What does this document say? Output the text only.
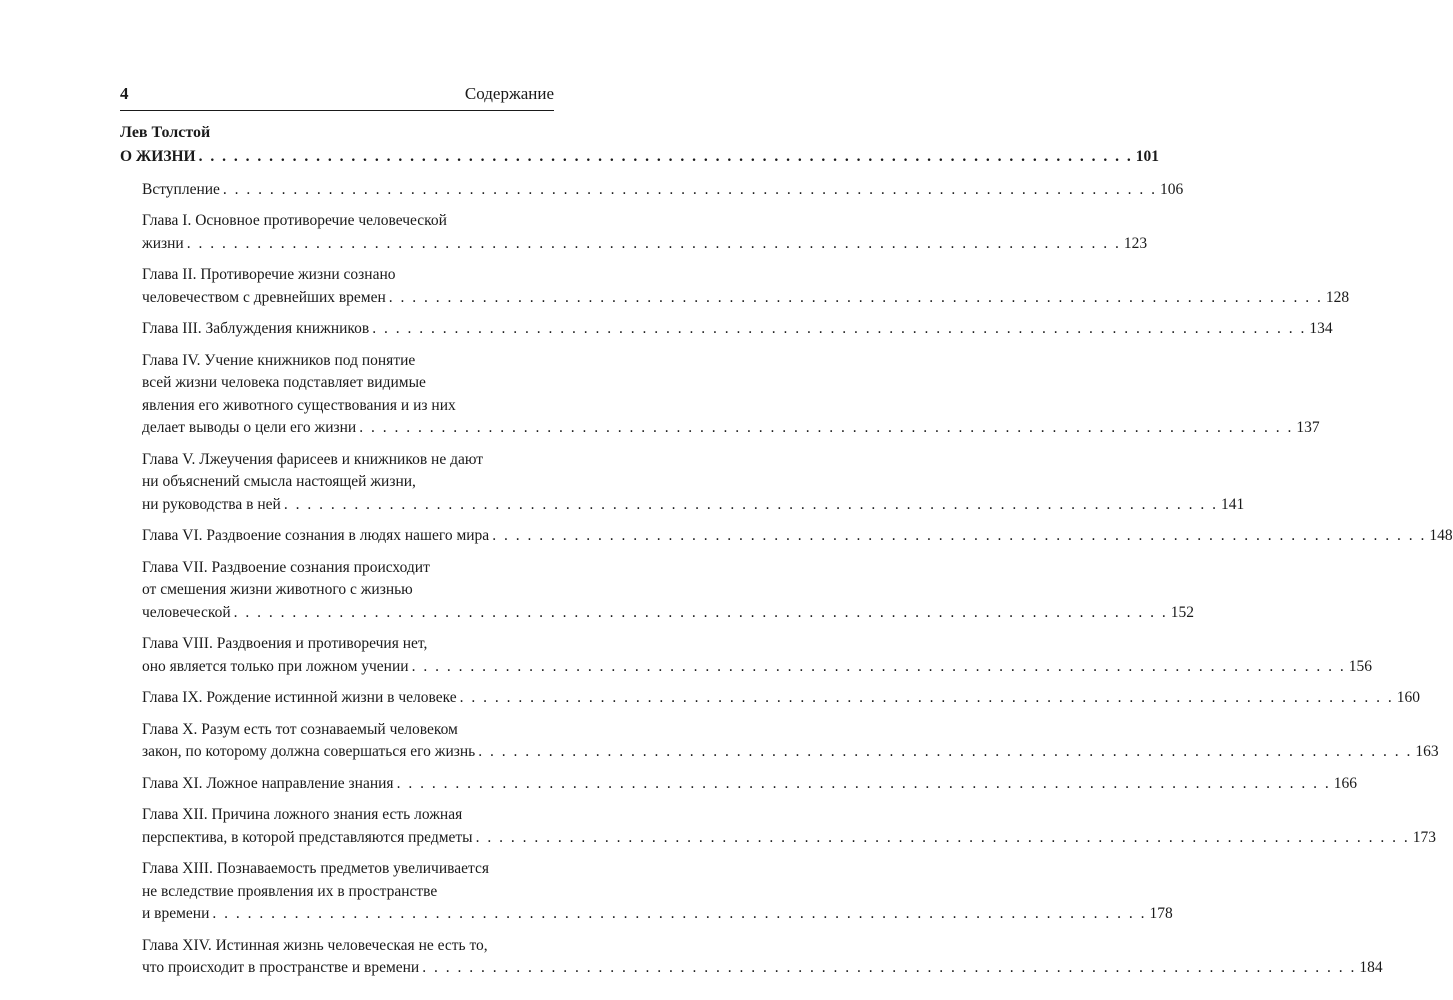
4	Содержание
Лев Толстой
О ЖИЗНИ . . . . . . . . . . . . . . . . . . . . . . . . . . . . . . . . . . . . . . . . . . . . . . . . . . . . . . . . . . . . . . . . . . . . . . . . . . . . . . . . 101
Вступление . . . . . . . . . . . . . . . . . . . . . . . . . . . . . . . . . . . . . . . . . . . . . . . . . . . . . . . . . . . . . . . . . . . . . . . . . . . . . . . . 106
Глава I. Основное противоречие человеческой
жизни . . . . . . . . . . . . . . . . . . . . . . . . . . . . . . . . . . . . . . . . . . . . . . . . . . . . . . . . . . . . . . . . . . . . . . . . . . . . . . . . 123
Глава II. Противоречие жизни сознано
человечеством с древнейших времен . . . . . . . . . . . . . . . . . . . . . . . . . . . . . . . . . . . . . . . . . . . . . . . . . . . . . . . . . . . . . . . . . . . . . . . . . . . . . . . . 128
Глава III. Заблуждения книжников . . . . . . . . . . . . . . . . . . . . . . . . . . . . . . . . . . . . . . . . . . . . . . . . . . . . . . . . . . . . . . . . . . . . . . . . . . . . . . . . 134
Глава IV. Учение книжников под понятие
всей жизни человека подставляет видимые
явления его животного существования и из них
делает выводы о цели его жизни . . . . . . . . . . . . . . . . . . . . . . . . . . . . . . . . . . . . . . . . . . . . . . . . . . . . . . . . . . . . . . . . . . . . . . . . . . . . . . . . 137
Глава V. Лжеучения фарисеев и книжников не дают
ни объяснений смысла настоящей жизни,
ни руководства в ней . . . . . . . . . . . . . . . . . . . . . . . . . . . . . . . . . . . . . . . . . . . . . . . . . . . . . . . . . . . . . . . . . . . . . . . . . . . . . . . . 141
Глава VI. Раздвоение сознания в людях нашего мира . . . . . . . . . . . . . . . . . . . . . . . . . . . . . . . . . . . . . . . . . . . . . . . . . . . . . . . . . . . . . . . . . . . . . . . . . . . . . . . . 148
Глава VII. Раздвоение сознания происходит
от смешения жизни животного с жизнью
человеческой . . . . . . . . . . . . . . . . . . . . . . . . . . . . . . . . . . . . . . . . . . . . . . . . . . . . . . . . . . . . . . . . . . . . . . . . . . . . . . . . 152
Глава VIII. Раздвоения и противоречия нет,
оно является только при ложном учении . . . . . . . . . . . . . . . . . . . . . . . . . . . . . . . . . . . . . . . . . . . . . . . . . . . . . . . . . . . . . . . . . . . . . . . . . . . . . . . . 156
Глава IX. Рождение истинной жизни в человеке . . . . . . . . . . . . . . . . . . . . . . . . . . . . . . . . . . . . . . . . . . . . . . . . . . . . . . . . . . . . . . . . . . . . . . . . . . . . . . . . 160
Глава X. Разум есть тот сознаваемый человеком
закон, по которому должна совершаться его жизнь . . . . . . . . . . . . . . . . . . . . . . . . . . . . . . . . . . . . . . . . . . . . . . . . . . . . . . . . . . . . . . . . . . . . . . . . . . . . . . . . 163
Глава XI. Ложное направление знания . . . . . . . . . . . . . . . . . . . . . . . . . . . . . . . . . . . . . . . . . . . . . . . . . . . . . . . . . . . . . . . . . . . . . . . . . . . . . . . . 166
Глава XII. Причина ложного знания есть ложная
перспектива, в которой представляются предметы . . . . . . . . . . . . . . . . . . . . . . . . . . . . . . . . . . . . . . . . . . . . . . . . . . . . . . . . . . . . . . . . . . . . . . . . . . . . . . . . 173
Глава XIII. Познаваемость предметов увеличивается
не вследствие проявления их в пространстве
и времени . . . . . . . . . . . . . . . . . . . . . . . . . . . . . . . . . . . . . . . . . . . . . . . . . . . . . . . . . . . . . . . . . . . . . . . . . . . . . . . . 178
Глава XIV. Истинная жизнь человеческая не есть то,
что происходит в пространстве и времени . . . . . . . . . . . . . . . . . . . . . . . . . . . . . . . . . . . . . . . . . . . . . . . . . . . . . . . . . . . . . . . . . . . . . . . . . . . . . . . . 184
